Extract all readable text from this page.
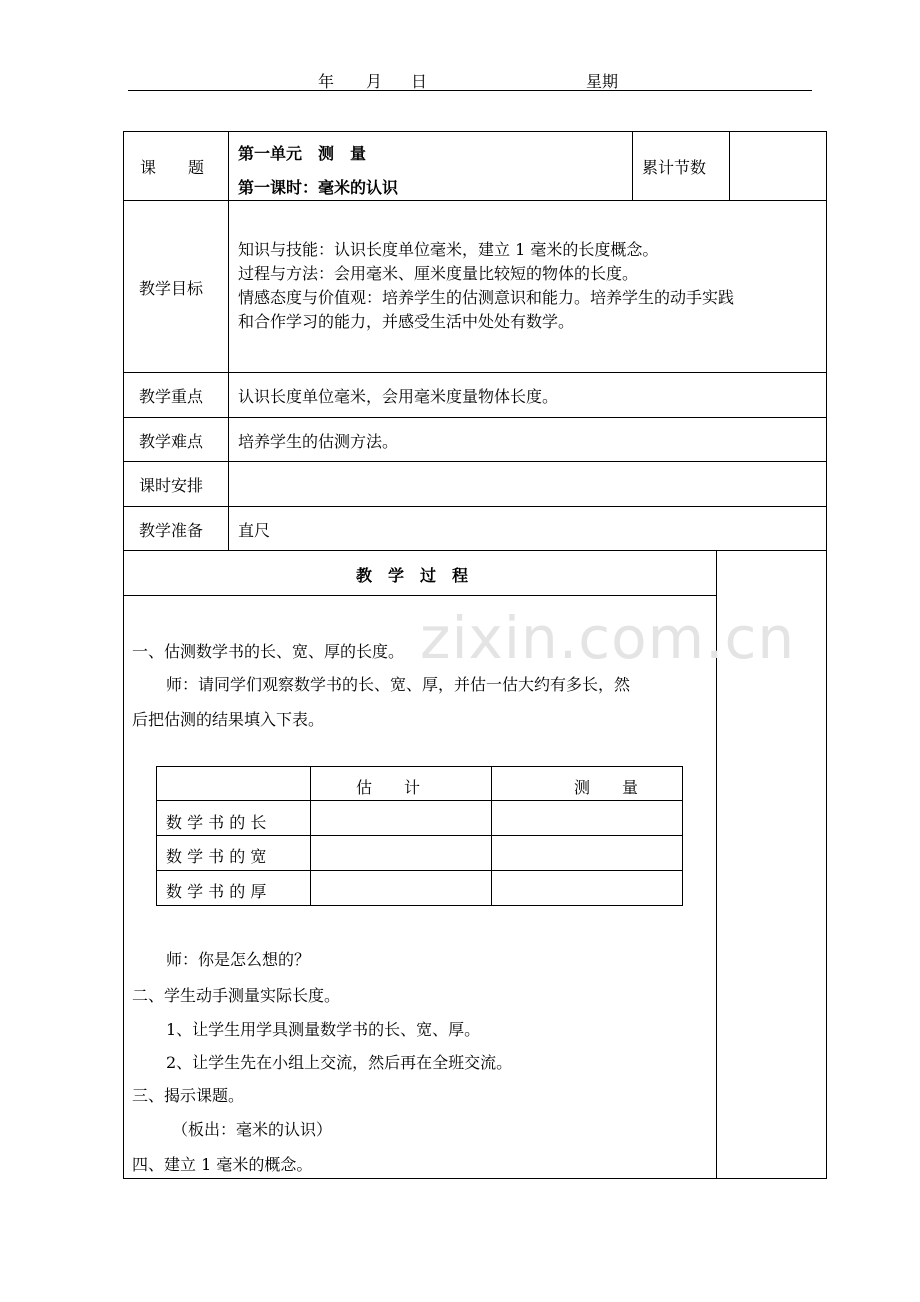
年 月 日	星期
课　　题
第一单元　测　量
第一课时：毫米的认识
累计节数
教学目标
知识与技能：认识长度单位毫米，建立 1 毫米的长度概念。
过程与方法：会用毫米、厘米度量比较短的物体的长度。
情感态度与价值观：培养学生的估测意识和能力。培养学生的动手实践
和合作学习的能力，并感受生活中处处有数学。
教学重点 认识长度单位毫米，会用毫米度量物体长度。
教学难点 培养学生的估测方法。
课时安排
教学准备 直尺
教　学　过　程
zixin.com.cn
一、估测数学书的长、宽、厚的长度。
师：请同学们观察数学书的长、宽、厚，并估一估大约有多长，然
后把估测的结果填入下表。
估　　计	测　　量
数 学 书 的 长
数 学 书 的 宽
数 学 书 的 厚
师：你是怎么想的？
二、学生动手测量实际长度。
1、让学生用学具测量数学书的长、宽、厚。
2、让学生先在小组上交流，然后再在全班交流。
三、揭示课题。
（板出：毫米的认识）
四、建立 1 毫米的概念。
